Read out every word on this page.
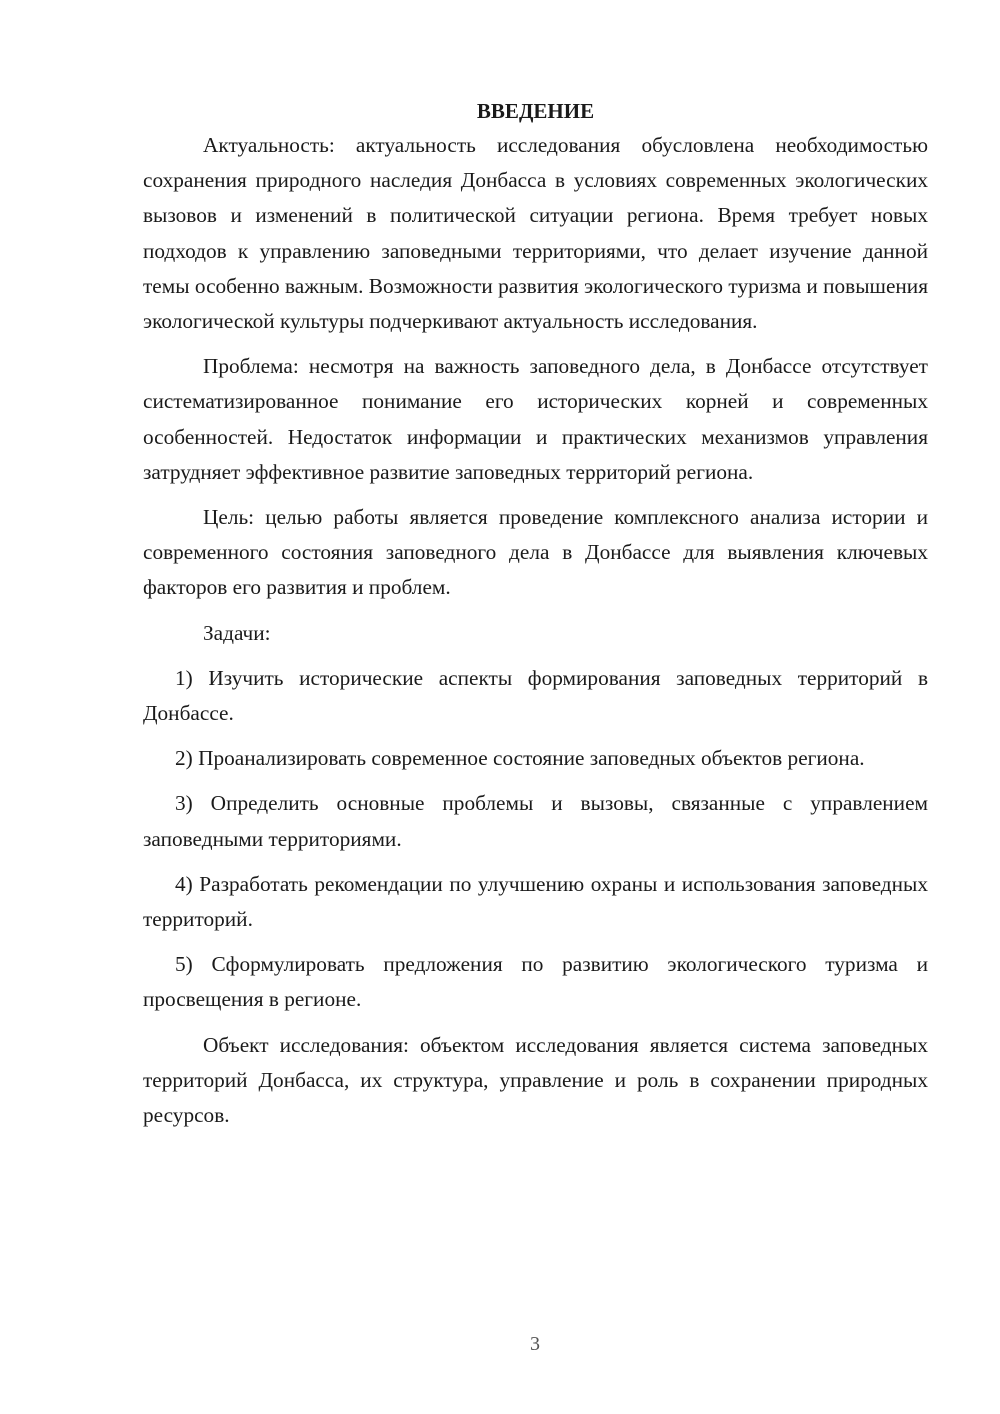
ВВЕДЕНИЕ

Актуальность: актуальность исследования обусловлена необходимостью сохранения природного наследия Донбасса в условиях современных экологических вызовов и изменений в политической ситуации региона. Время требует новых подходов к управлению заповедными территориями, что делает изучение данной темы особенно важным. Возможности развития экологического туризма и повышения экологической культуры подчеркивают актуальность исследования.

Проблема: несмотря на важность заповедного дела, в Донбассе отсутствует систематизированное понимание его исторических корней и современных особенностей. Недостаток информации и практических механизмов управления затрудняет эффективное развитие заповедных территорий региона.

Цель: целью работы является проведение комплексного анализа истории и современного состояния заповедного дела в Донбассе для выявления ключевых факторов его развития и проблем.

Задачи:

1) Изучить исторические аспекты формирования заповедных территорий в Донбассе.

2) Проанализировать современное состояние заповедных объектов региона.

3) Определить основные проблемы и вызовы, связанные с управлением заповедными территориями.

4) Разработать рекомендации по улучшению охраны и использования заповедных территорий.

5) Сформулировать предложения по развитию экологического туризма и просвещения в регионе.

Объект исследования: объектом исследования является система заповедных территорий Донбасса, их структура, управление и роль в сохранении природных ресурсов.

3
